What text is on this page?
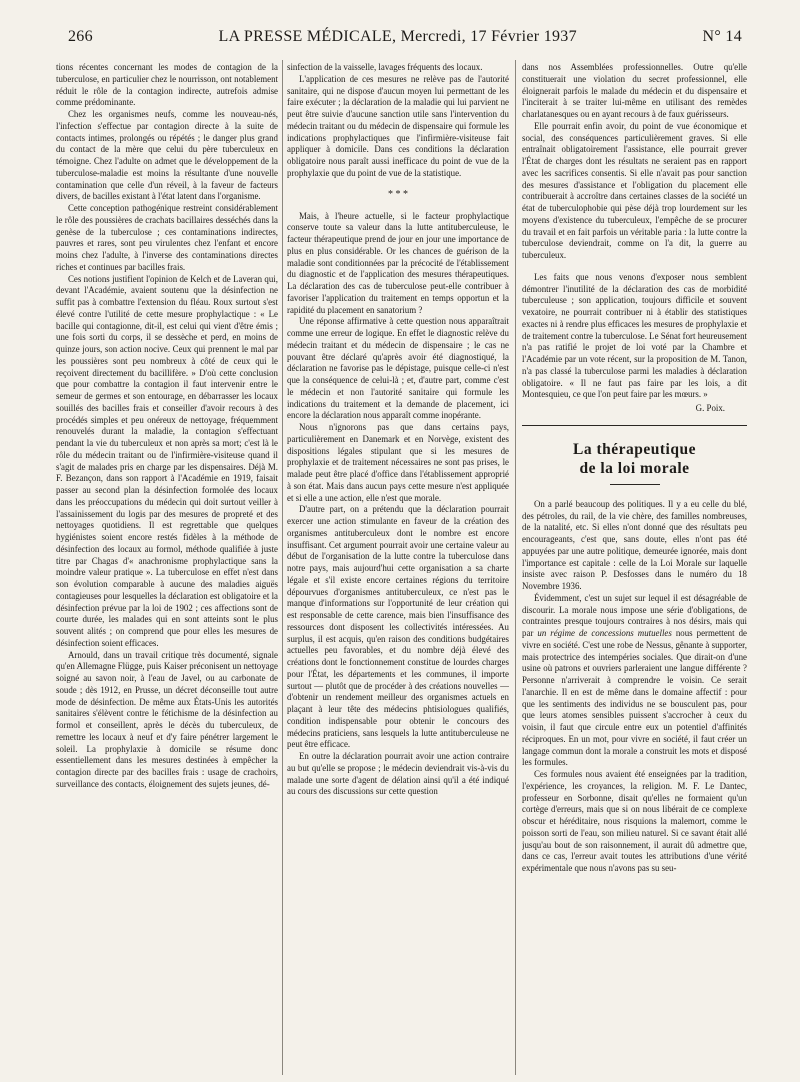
266	LA PRESSE MÉDICALE, Mercredi, 17 Février 1937	N° 14

tions récentes concernant les modes de contagion de la tuberculose, en particulier chez le nourrisson, ont notablement réduit le rôle de la contagion indirecte, autrefois admise comme prédominante.

Chez les organismes neufs, comme les nouveau-nés, l'infection s'effectue par contagion directe à la suite de contacts intimes, prolongés ou répétés ; le danger plus grand du contact de la mère que celui du père tuberculeux en témoigne. Chez l'adulte on admet que le développement de la tuberculose-maladie est moins la résultante d'une nouvelle contamination que celle d'un réveil, à la faveur de facteurs divers, de bacilles existant à l'état latent dans l'organisme.

Cette conception pathogénique restreint considérablement le rôle des poussières de crachats bacillaires desséchés dans la genèse de la tuberculose ; ces contaminations indirectes, pauvres et rares, sont peu virulentes chez l'enfant et encore moins chez l'adulte, à l'inverse des contaminations directes riches et continues par bacilles frais.

Ces notions justifient l'opinion de Kelch et de Laveran qui, devant l'Académie, avaient soutenu que la désinfection ne suffit pas à combattre l'extension du fléau. Roux surtout s'est élevé contre l'utilité de cette mesure prophylactique : « Le bacille qui contagionne, dit-il, est celui qui vient d'être émis ; une fois sorti du corps, il se dessèche et perd, en moins de quinze jours, son action nocive. Ceux qui prennent le mal par les poussières sont peu nombreux à côté de ceux qui le reçoivent directement du bacillifère. » D'où cette conclusion que pour combattre la contagion il faut intervenir entre le semeur de germes et son entourage, en débarrasser les locaux souillés des bacilles frais et conseiller d'avoir recours à des procédés simples et peu onéreux de nettoyage, fréquemment renouvelés durant la maladie, la contagion s'effectuant pendant la vie du tuberculeux et non après sa mort; c'est là le rôle du médecin traitant ou de l'infirmière-visiteuse quand il s'agit de malades pris en charge par les dispensaires. Déjà M. F. Bezançon, dans son rapport à l'Académie en 1919, faisait passer au second plan la désinfection formolée des locaux dans les préoccupations du médecin qui doit surtout veiller à l'assainissement du logis par des mesures de propreté et des nettoyages quotidiens. Il est regrettable que quelques hygiénistes soient encore restés fidèles à la méthode de désinfection des locaux au formol, méthode qualifiée à juste titre par Chagas d'« anachronisme prophylactique sans la moindre valeur pratique ». La tuberculose en effet n'est dans son évolution comparable à aucune des maladies aiguës contagieuses pour lesquelles la déclaration est obligatoire et la désinfection prévue par la loi de 1902 ; ces affections sont de courte durée, les malades qui en sont atteints sont le plus souvent alités ; on comprend que pour elles les mesures de désinfection soient efficaces.

Arnould, dans un travail critique très documenté, signale qu'en Allemagne Flügge, puis Kaiser préconisent un nettoyage soigné au savon noir, à l'eau de Javel, ou au carbonate de soude ; dès 1912, en Prusse, un décret déconseille tout autre mode de désinfection. De même aux États-Unis les autorités sanitaires s'élèvent contre le fétichisme de la désinfection au formol et conseillent, après le décès du tuberculeux, de remettre les locaux à neuf et d'y faire pénétrer largement le soleil. La prophylaxie à domicile se résume donc essentiellement dans les mesures destinées à empêcher la contagion directe par des bacilles frais : usage de crachoirs, surveillance des contacts, éloignement des sujets jeunes, dé-

sinfection de la vaisselle, lavages fréquents des locaux.

L'application de ces mesures ne relève pas de l'autorité sanitaire, qui ne dispose d'aucun moyen lui permettant de les faire exécuter ; la déclaration de la maladie qui lui parvient ne peut être suivie d'aucune sanction utile sans l'intervention du médecin traitant ou du médecin de dispensaire qui formule les indications prophylactiques que l'infirmière-visiteuse fait appliquer à domicile. Dans ces conditions la déclaration obligatoire nous paraît aussi inefficace du point de vue de la prophylaxie que du point de vue de la statistique.

* * *

Mais, à l'heure actuelle, si le facteur prophylactique conserve toute sa valeur dans la lutte antituberculeuse, le facteur thérapeutique prend de jour en jour une importance de plus en plus considérable. Or les chances de guérison de la maladie sont conditionnées par la précocité de l'établissement du diagnostic et de l'application des mesures thérapeutiques. La déclaration des cas de tuberculose peut-elle contribuer à favoriser l'application du traitement en temps opportun et la rapidité du placement en sanatorium ?

Une réponse affirmative à cette question nous apparaîtrait comme une erreur de logique. En effet le diagnostic relève du médecin traitant et du médecin de dispensaire ; le cas ne pouvant être déclaré qu'après avoir été diagnostiqué, la déclaration ne favorise pas le dépistage, puisque celle-ci n'est que la conséquence de celui-là ; et, d'autre part, comme c'est le médecin et non l'autorité sanitaire qui formule les indications du traitement et la demande de placement, ici encore la déclaration nous apparaît comme inopérante.

Nous n'ignorons pas que dans certains pays, particulièrement en Danemark et en Norvège, existent des dispositions légales stipulant que si les mesures de prophylaxie et de traitement nécessaires ne sont pas prises, le malade peut être placé d'office dans l'établissement approprié à son état. Mais dans aucun pays cette mesure n'est appliquée et si elle a une action, elle n'est que morale.

D'autre part, on a prétendu que la déclaration pourrait exercer une action stimulante en faveur de la création des organismes antituberculeux dont le nombre est encore insuffisant. Cet argument pourrait avoir une certaine valeur au début de l'organisation de la lutte contre la tuberculose dans notre pays, mais aujourd'hui cette organisation a sa charte légale et s'il existe encore certaines régions du territoire dépourvues d'organismes antituberculeux, ce n'est pas le manque d'informations sur l'opportunité de leur création qui est responsable de cette carence, mais bien l'insuffisance des ressources dont disposent les collectivités intéressées. Au surplus, il est acquis, qu'en raison des conditions budgétaires actuelles peu favorables, et du nombre déjà élevé des créations dont le fonctionnement constitue de lourdes charges pour l'État, les départements et les communes, il importe surtout — plutôt que de procéder à des créations nouvelles — d'obtenir un rendement meilleur des organismes actuels en plaçant à leur tête des médecins phtisiologues qualifiés, condition indispensable pour obtenir le concours des médecins praticiens, sans lesquels la lutte antituberculeuse ne peut être efficace.

En outre la déclaration pourrait avoir une action contraire au but qu'elle se propose ; le médecin deviendrait vis-à-vis du malade une sorte d'agent de délation ainsi qu'il a été indiqué au cours des discussions sur cette question

dans nos Assemblées professionnelles. Outre qu'elle constituerait une violation du secret professionnel, elle éloignerait parfois le malade du médecin et du dispensaire et l'inciterait à se traiter lui-même en utilisant des remèdes charlatanesques ou en ayant recours à de faux guérisseurs.

Elle pourrait enfin avoir, du point de vue économique et social, des conséquences particulièrement graves. Si elle entraînait obligatoirement l'assistance, elle pourrait grever l'État de charges dont les résultats ne seraient pas en rapport avec les sacrifices consentis. Si elle n'avait pas pour sanction des mesures d'assistance et l'obligation du placement elle contribuerait à accroître dans certaines classes de la société un état de tuberculophobie qui pèse déjà trop lourdement sur les moyens d'existence du tuberculeux, l'empêche de se procurer du travail et en fait parfois un véritable paria : la lutte contre la tuberculose deviendrait, comme on l'a dit, la guerre au tuberculeux.

Les faits que nous venons d'exposer nous semblent démontrer l'inutilité de la déclaration des cas de morbidité tuberculeuse ; son application, toujours difficile et souvent vexatoire, ne pourrait contribuer ni à établir des statistiques exactes ni à rendre plus efficaces les mesures de prophylaxie et de traitement contre la tuberculose. Le Sénat fort heureusement n'a pas ratifié le projet de loi voté par la Chambre et l'Académie par un vote récent, sur la proposition de M. Tanon, n'a pas classé la tuberculose parmi les maladies à déclaration obligatoire. « Il ne faut pas faire par les lois, a dit Montesquieu, ce que l'on peut faire par les mœurs. »

G. Poix.
La thérapeutique
de la loi morale

On a parlé beaucoup des politiques. Il y a eu celle du blé, des pétroles, du rail, de la vie chère, des familles nombreuses, de la natalité, etc. Si elles n'ont donné que des résultats peu encourageants, c'est que, sans doute, elles n'ont pas été appuyées par une autre politique, demeurée ignorée, mais dont l'importance est capitale : celle de la Loi Morale sur laquelle insiste avec raison P. Desfosses dans le numéro du 18 Novembre 1936.

Évidemment, c'est un sujet sur lequel il est désagréable de discourir. La morale nous impose une série d'obligations, de contraintes presque toujours contraires à nos désirs, mais qui par un régime de concessions mutuelles nous permettent de vivre en société. C'est une robe de Nessus, gênante à supporter, mais protectrice des intempéries sociales. Que dirait-on d'une usine où patrons et ouvriers parleraient une langue différente ? Personne n'arriverait à comprendre le voisin. Ce serait l'anarchie. Il en est de même dans le domaine affectif : pour que les sentiments des individus ne se bousculent pas, pour que leurs atomes sensibles puissent s'accrocher à ceux du voisin, il faut que circule entre eux un potentiel d'affinités réciproques. En un mot, pour vivre en société, il faut créer un langage commun dont la morale a construit les mots et disposé les formules.

Ces formules nous avaient été enseignées par la tradition, l'expérience, les croyances, la religion. M. F. Le Dantec, professeur en Sorbonne, disait qu'elles ne formaient qu'un cortège d'erreurs, mais que si on nous libérait de ce complexe obscur et héréditaire, nous risquions la malemort, comme le poisson sorti de l'eau, son milieu naturel. Si ce savant était allé jusqu'au bout de son raisonnement, il aurait dû admettre que, dans ce cas, l'erreur avait toutes les attributions d'une vérité expérimentale que nous n'avons pas su seu-
